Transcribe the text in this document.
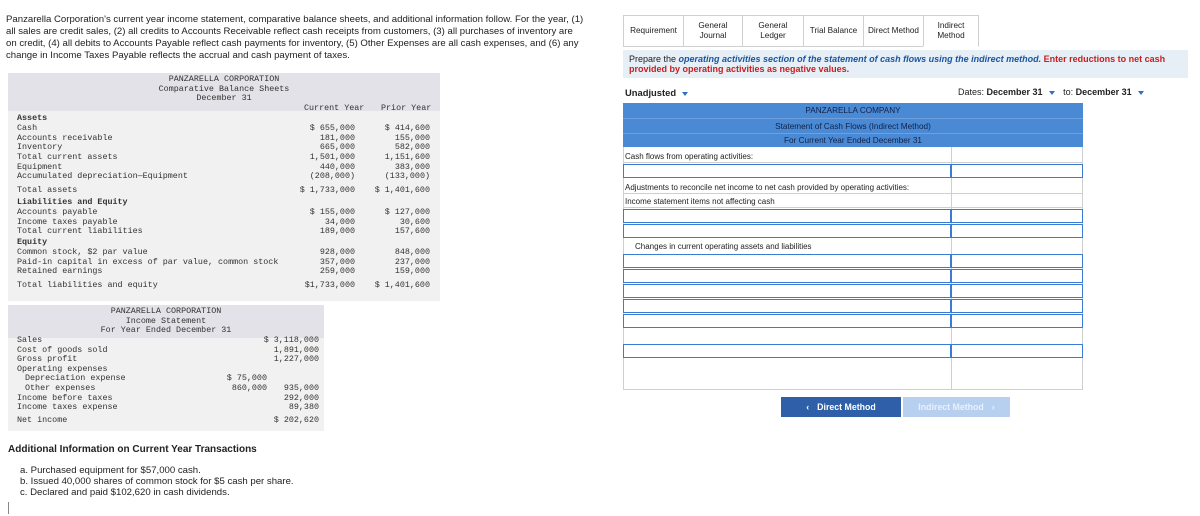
Panzarella Corporation's current year income statement, comparative balance sheets, and additional information follow. For the year, (1)
all sales are credit sales, (2) all credits to Accounts Receivable reflect cash receipts from customers, (3) all purchases of inventory are
on credit, (4) all debits to Accounts Payable reflect cash payments for inventory, (5) Other Expenses are all cash expenses, and (6) any
change in Income Taxes Payable reflects the accrual and cash payment of taxes.
PANZARELLA CORPORATION
Comparative Balance Sheets
December 31
Current Year Prior Year
Assets
Cash	$ 655,000	$ 414,600
Accounts receivable	181,000	155,000
Inventory	665,000	582,000
Total current assets	1,501,000	1,151,600
Equipment	440,000	383,000
Accumulated depreciation—Equipment	(208,000)	(133,000)
Total assets	$ 1,733,000 $ 1,401,600
Liabilities and Equity
Accounts payable	$ 155,000	$ 127,000
Income taxes payable	34,000	30,600
Total current liabilities	189,000	157,600
Equity
Common stock, $2 par value	928,000	848,000
Paid-in capital in excess of par value, common stock	357,000	237,000
Retained earnings	259,000	159,000
Total liabilities and equity	$1,733,000 $ 1,401,600
PANZARELLA CORPORATION
Income Statement
For Year Ended December 31
Sales	$ 3,118,000
Cost of goods sold	1,891,000
Gross profit	1,227,000
Operating expenses
Depreciation expense	$ 75,000
Other expenses	860,000 935,000
Income before taxes	292,000
Income taxes expense	89,380
Net income	$ 202,620
Additional Information on Current Year Transactions
a. Purchased equipment for $57,000 cash.
b. Issued 40,000 shares of common stock for $5 cash per share.
c. Declared and paid $102,620 in cash dividends.
Requirement
General Journal
General Ledger
Trial Balance	Direct Method
Indirect Method
Prepare the operating activities section of the statement of cash flows using the indirect method. Enter reductions to net cash provided by operating activities as negative values.
Unadjusted	Dates: December 31 to: December 31
PANZARELLA COMPANY
Statement of Cash Flows (Indirect Method)
For Current Year Ended December 31
Cash flows from operating activities:
Adjustments to reconcile net income to net cash provided by operating activities:
Income statement items not affecting cash
Changes in current operating assets and liabilities
‹ Direct Method	Indirect Method ›
